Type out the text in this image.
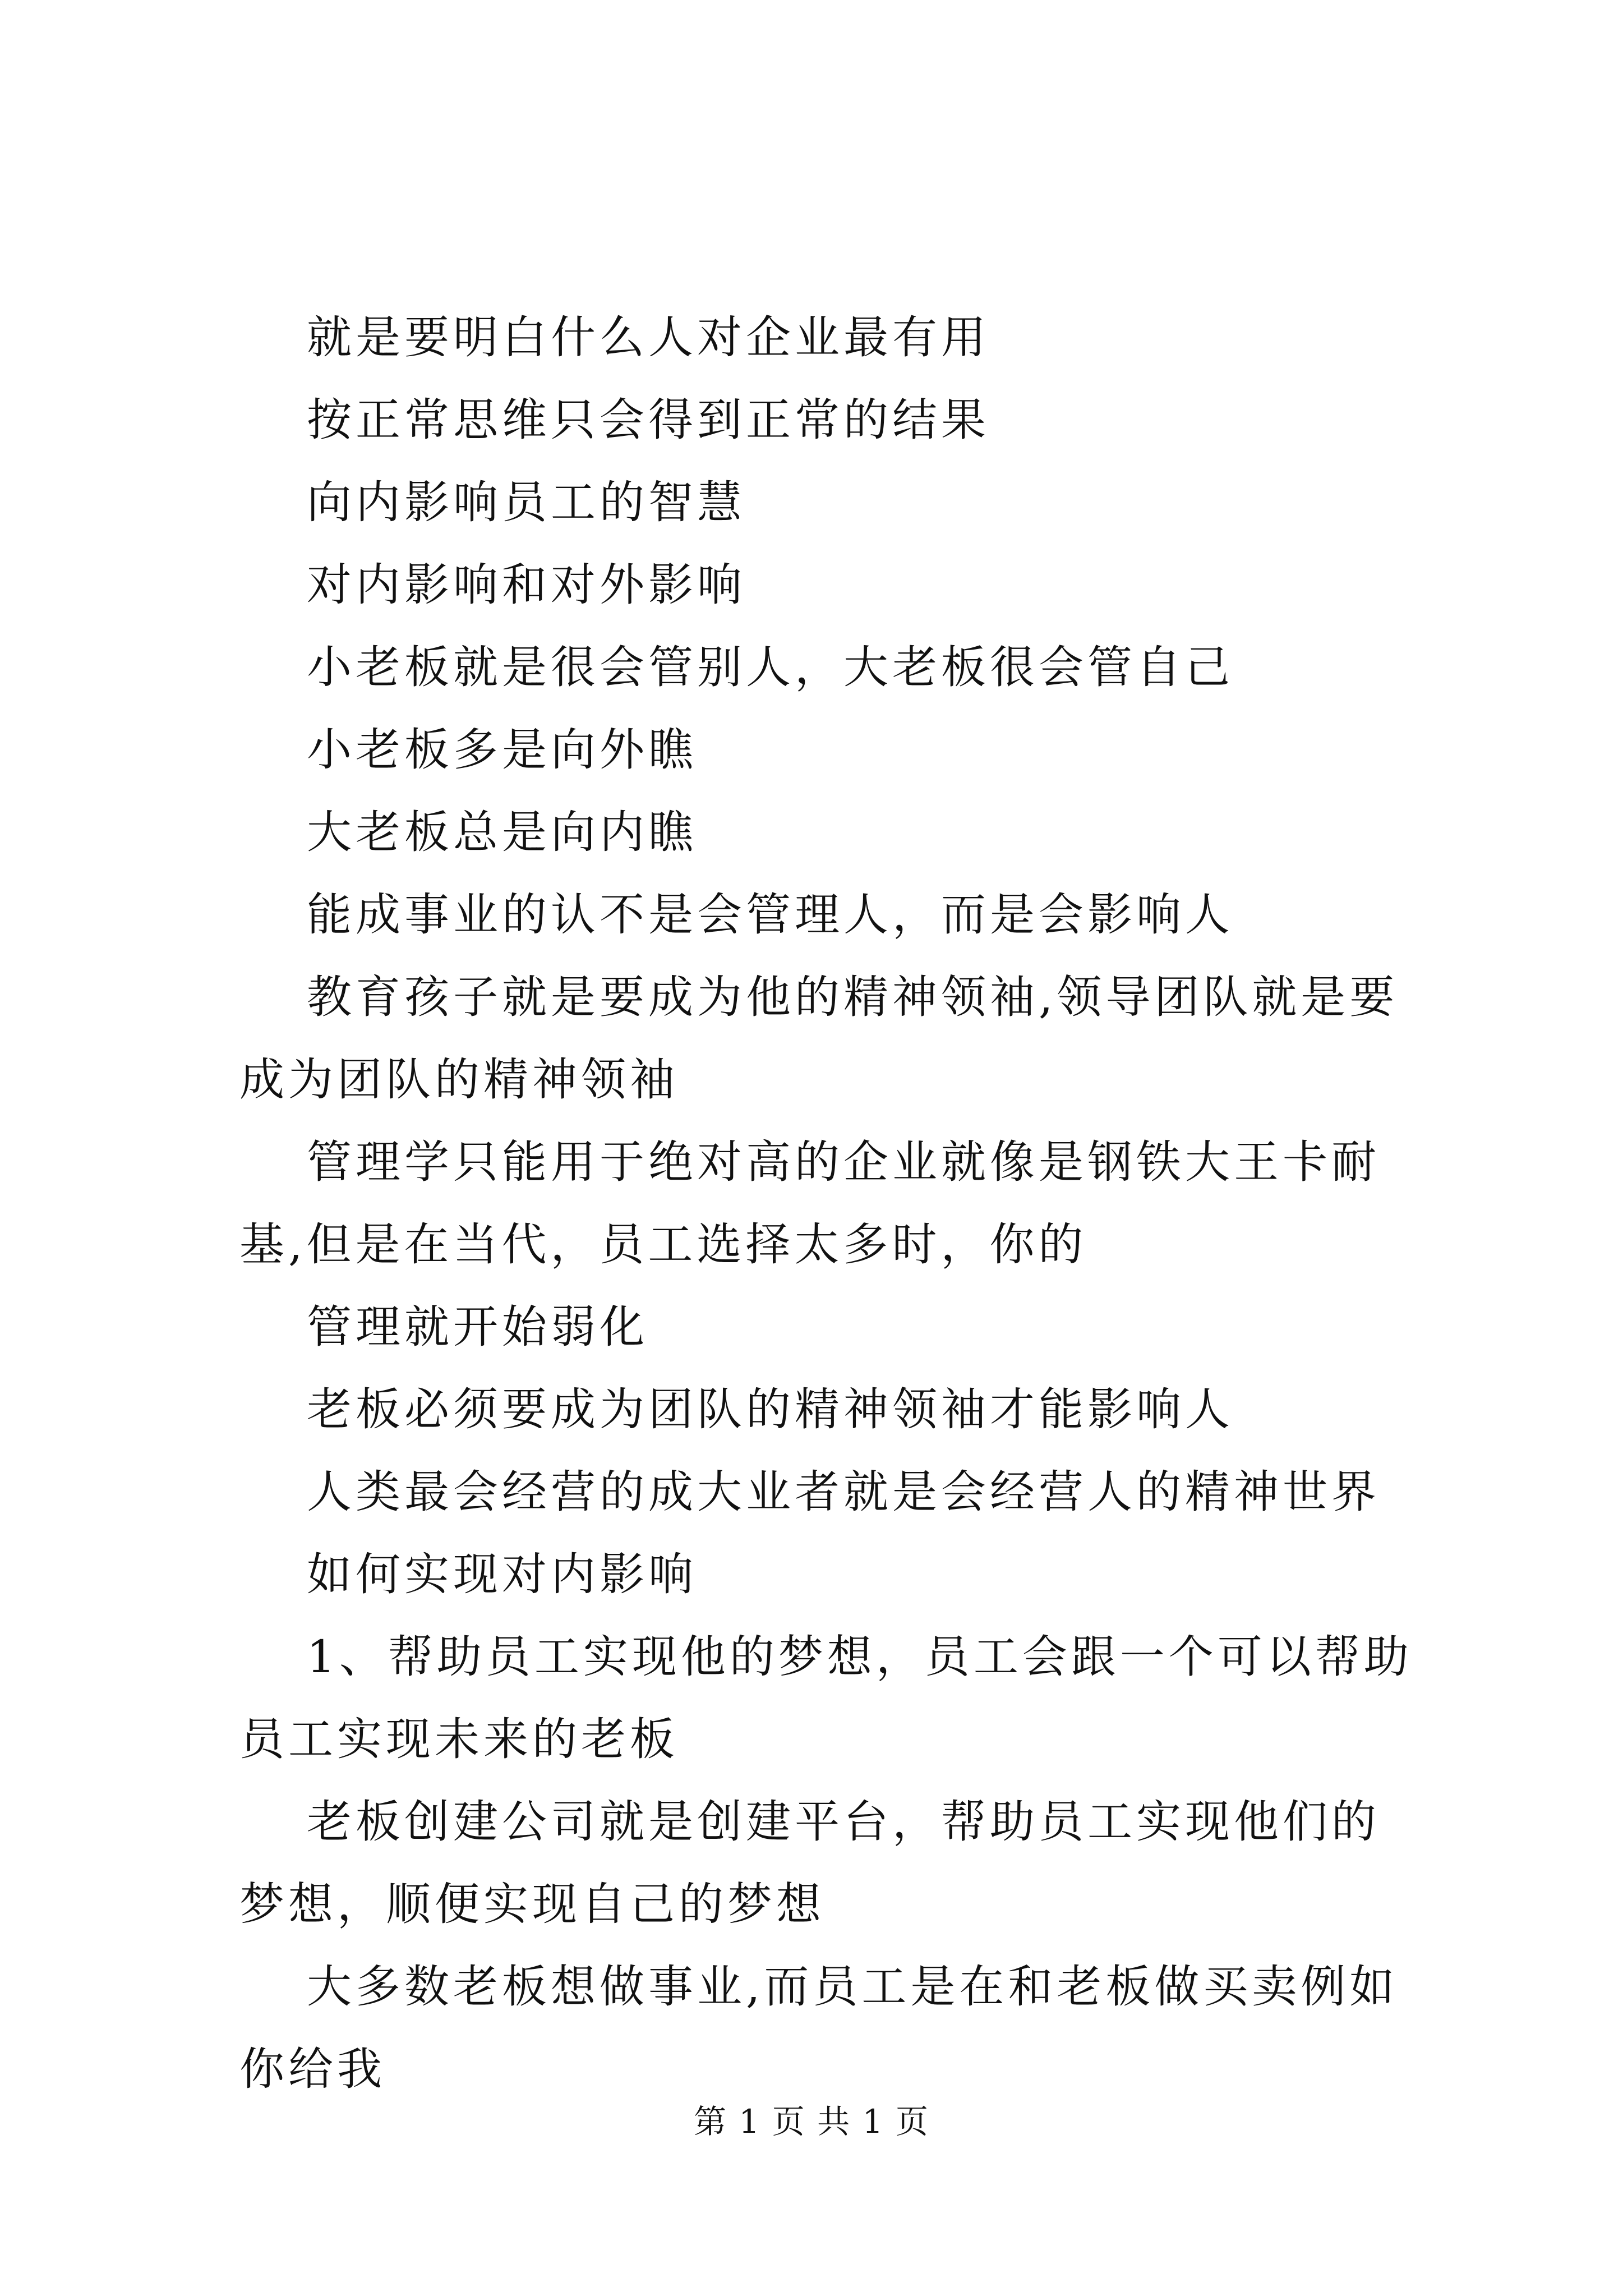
就是要明白什么人对企业最有用

按正常思维只会得到正常的结果

向内影响员工的智慧

对内影响和对外影响

小老板就是很会管别人，大老板很会管自己

小老板多是向外瞧

大老板总是向内瞧

能成事业的认不是会管理人，而是会影响人

教育孩子就是要成为他的精神领袖,领导团队就是要成为团队的精神领袖

管理学只能用于绝对高的企业就像是钢铁大王卡耐基,但是在当代，员工选择太多时，你的

管理就开始弱化

老板必须要成为团队的精神领袖才能影响人

人类最会经营的成大业者就是会经营人的精神世界

如何实现对内影响

1、帮助员工实现他的梦想，员工会跟一个可以帮助员工实现未来的老板

老板创建公司就是创建平台，帮助员工实现他们的梦想，顺便实现自己的梦想

大多数老板想做事业,而员工是在和老板做买卖例如你给我

第 1 页 共 1 页
